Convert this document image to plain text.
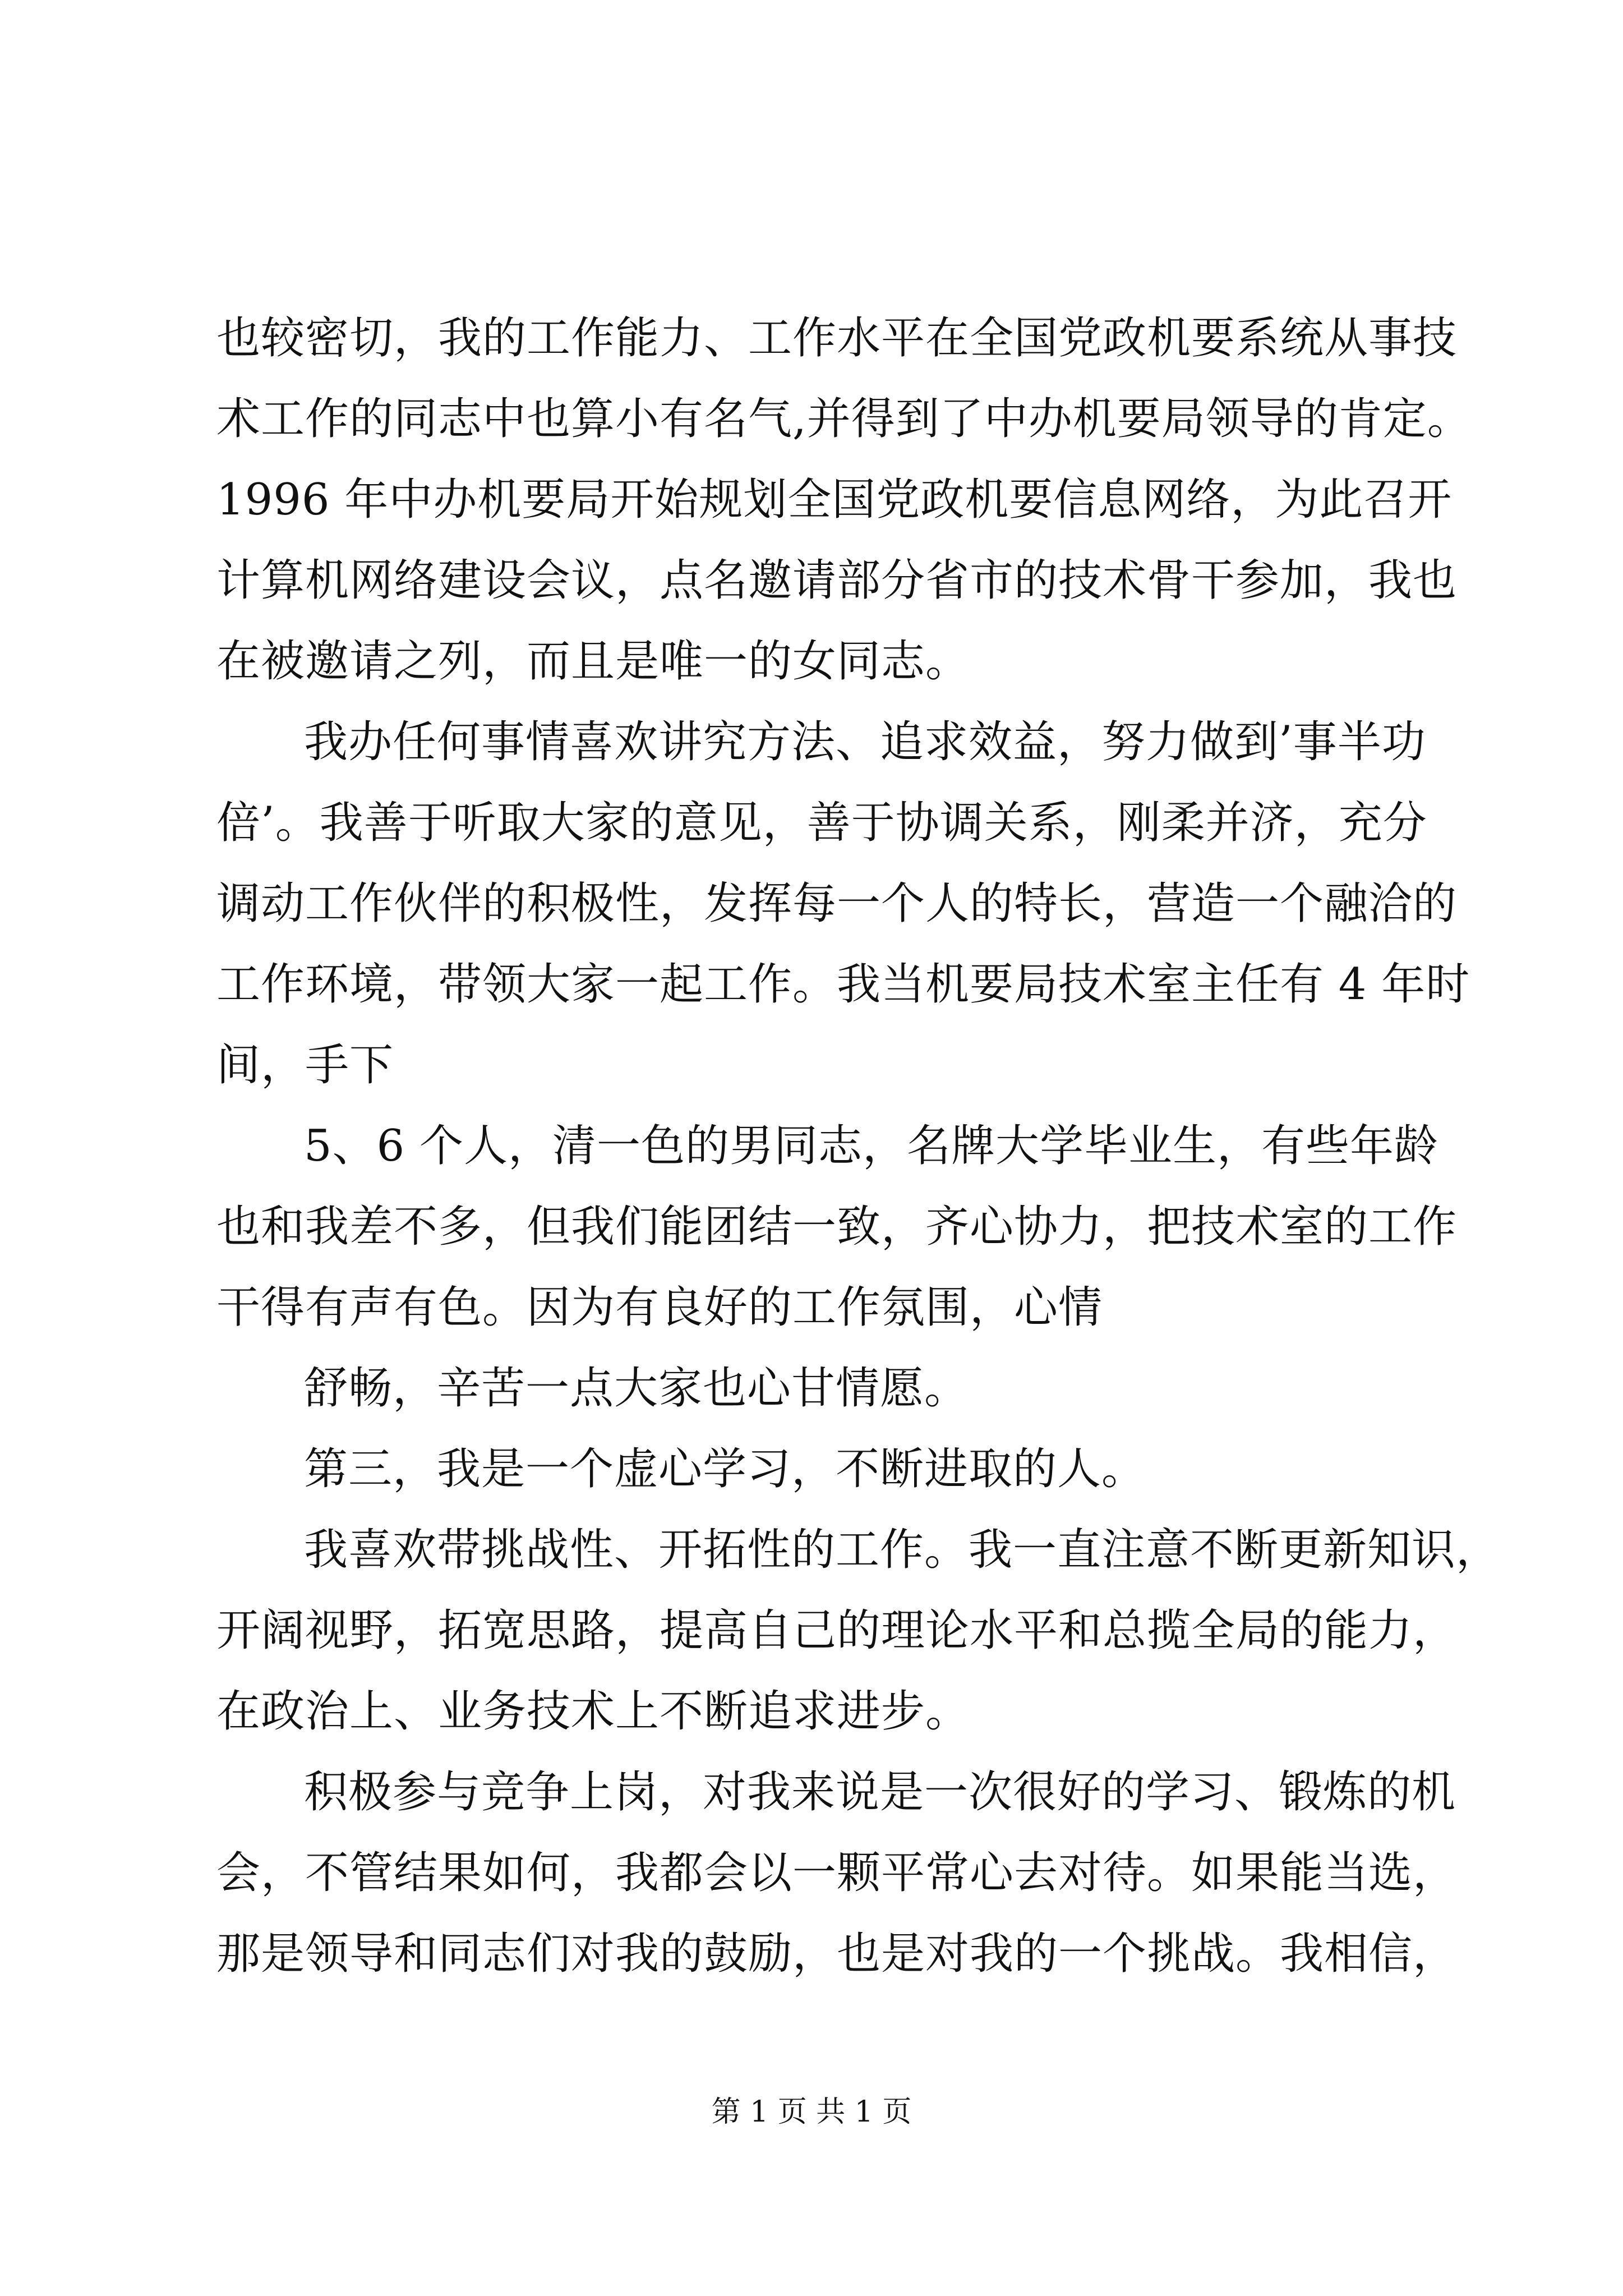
也较密切，我的工作能力、工作水平在全国党政机要系统从事技
术工作的同志中也算小有名气,并得到了中办机要局领导的肯定。
1996 年中办机要局开始规划全国党政机要信息网络，为此召开
计算机网络建设会议，点名邀请部分省市的技术骨干参加，我也
在被邀请之列，而且是唯一的女同志。
我办任何事情喜欢讲究方法、追求效益，努力做到’事半功
倍’。我善于听取大家的意见，善于协调关系，刚柔并济，充分
调动工作伙伴的积极性，发挥每一个人的特长，营造一个融洽的
工作环境，带领大家一起工作。我当机要局技术室主任有 4 年时
间，手下
5、6 个人，清一色的男同志，名牌大学毕业生，有些年龄
也和我差不多，但我们能团结一致，齐心协力，把技术室的工作
干得有声有色。因为有良好的工作氛围，心情
舒畅，辛苦一点大家也心甘情愿。
第三，我是一个虚心学习，不断进取的人。
我喜欢带挑战性、开拓性的工作。我一直注意不断更新知识，
开阔视野，拓宽思路，提高自己的理论水平和总揽全局的能力，
在政治上、业务技术上不断追求进步。
积极参与竞争上岗，对我来说是一次很好的学习、锻炼的机
会，不管结果如何，我都会以一颗平常心去对待。如果能当选，
那是领导和同志们对我的鼓励，也是对我的一个挑战。我相信，
第 1 页 共 1 页
